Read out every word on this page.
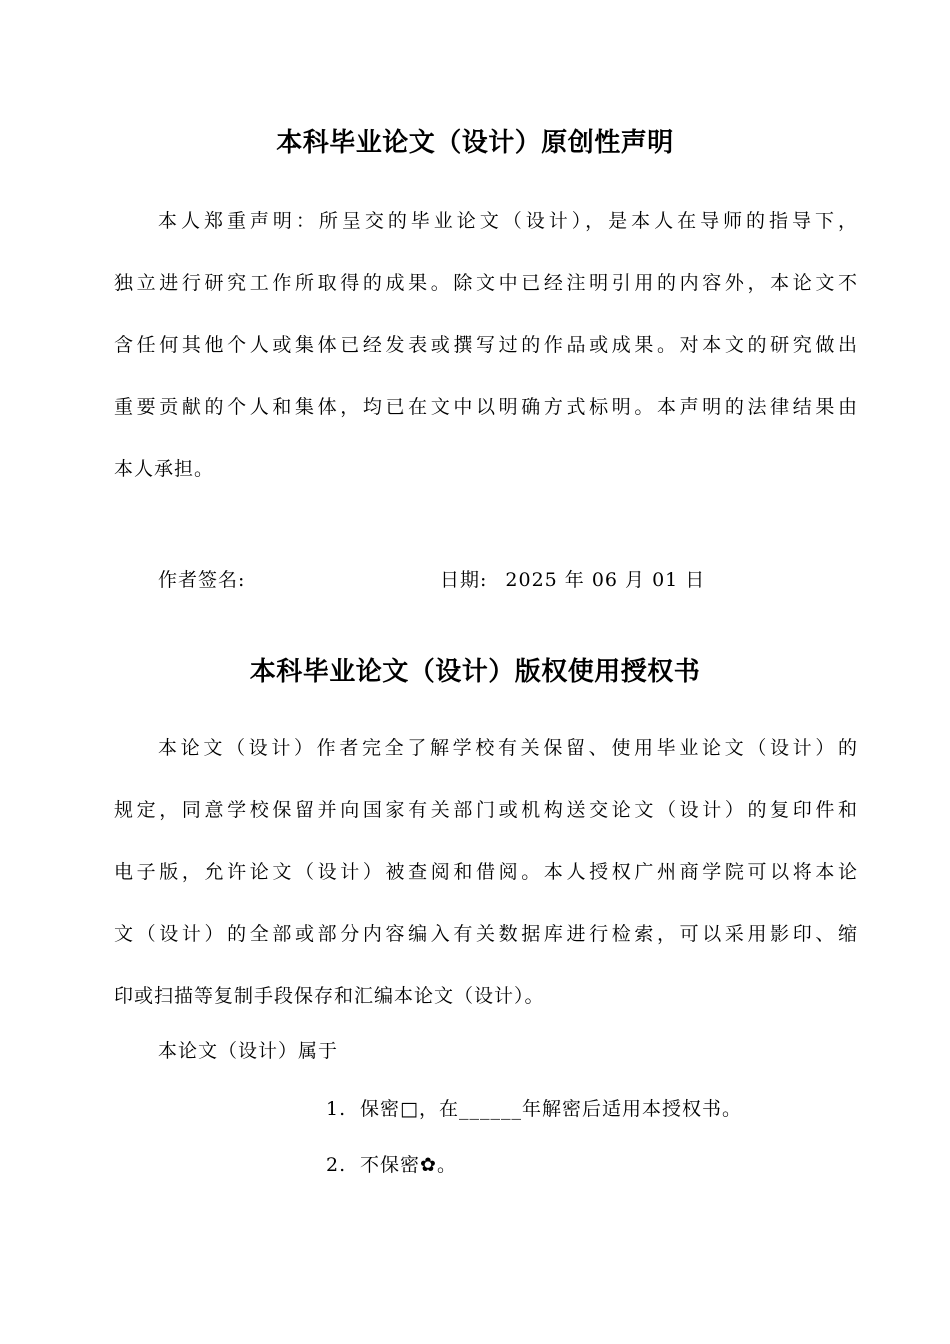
本科毕业论文（设计）原创性声明
本人郑重声明：所呈交的毕业论文（设计），是本人在导师的指导下，
独立进行研究工作所取得的成果。除文中已经注明引用的内容外，本论文不
含任何其他个人或集体已经发表或撰写过的作品或成果。对本文的研究做出
重要贡献的个人和集体，均已在文中以明确方式标明。本声明的法律结果由
本人承担。
作者签名:	日期: 2025 年 06 月 01 日
本科毕业论文（设计）版权使用授权书
本论文（设计）作者完全了解学校有关保留、使用毕业论文（设计）的
规定，同意学校保留并向国家有关部门或机构送交论文（设计）的复印件和
电子版，允许论文（设计）被查阅和借阅。本人授权广州商学院可以将本论
文（设计）的全部或部分内容编入有关数据库进行检索，可以采用影印、缩
印或扫描等复制手段保存和汇编本论文（设计）。
本论文（设计）属于
1. 保密□，在______年解密后适用本授权书。
2. 不保密✿。
